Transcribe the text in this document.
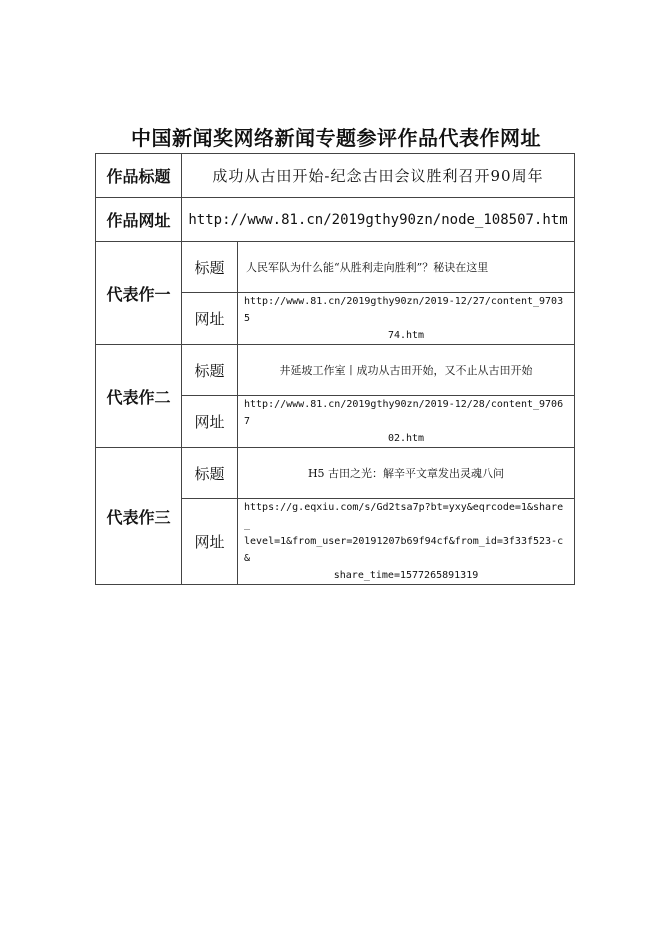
中国新闻奖网络新闻专题参评作品代表作网址
作品标题	成功从古田开始-纪念古田会议胜利召开90周年	
作品网址	http://www.81.cn/2019gthy90zn/node_108507.htm	
代表作一	标题	人民军队为什么能“从胜利走向胜利”？秘诀在这里
	网址	http://www.81.cn/2019gthy90zn/2019-12/27/content_97035
74.htm

代表作二	标题	井延坡工作室丨成功从古田开始，又不止从古田开始
	网址	http://www.81.cn/2019gthy90zn/2019-12/28/content_97067
02.htm

代表作三	标题	H5 古田之光：解辛平文章发出灵魂八问
	网址	https://g.eqxiu.com/s/Gd2tsa7p?bt=yxy&eqrcode=1&share_
level=1&from_user=20191207b69f94cf&from_id=3f33f523-c&
share_time=1577265891319
